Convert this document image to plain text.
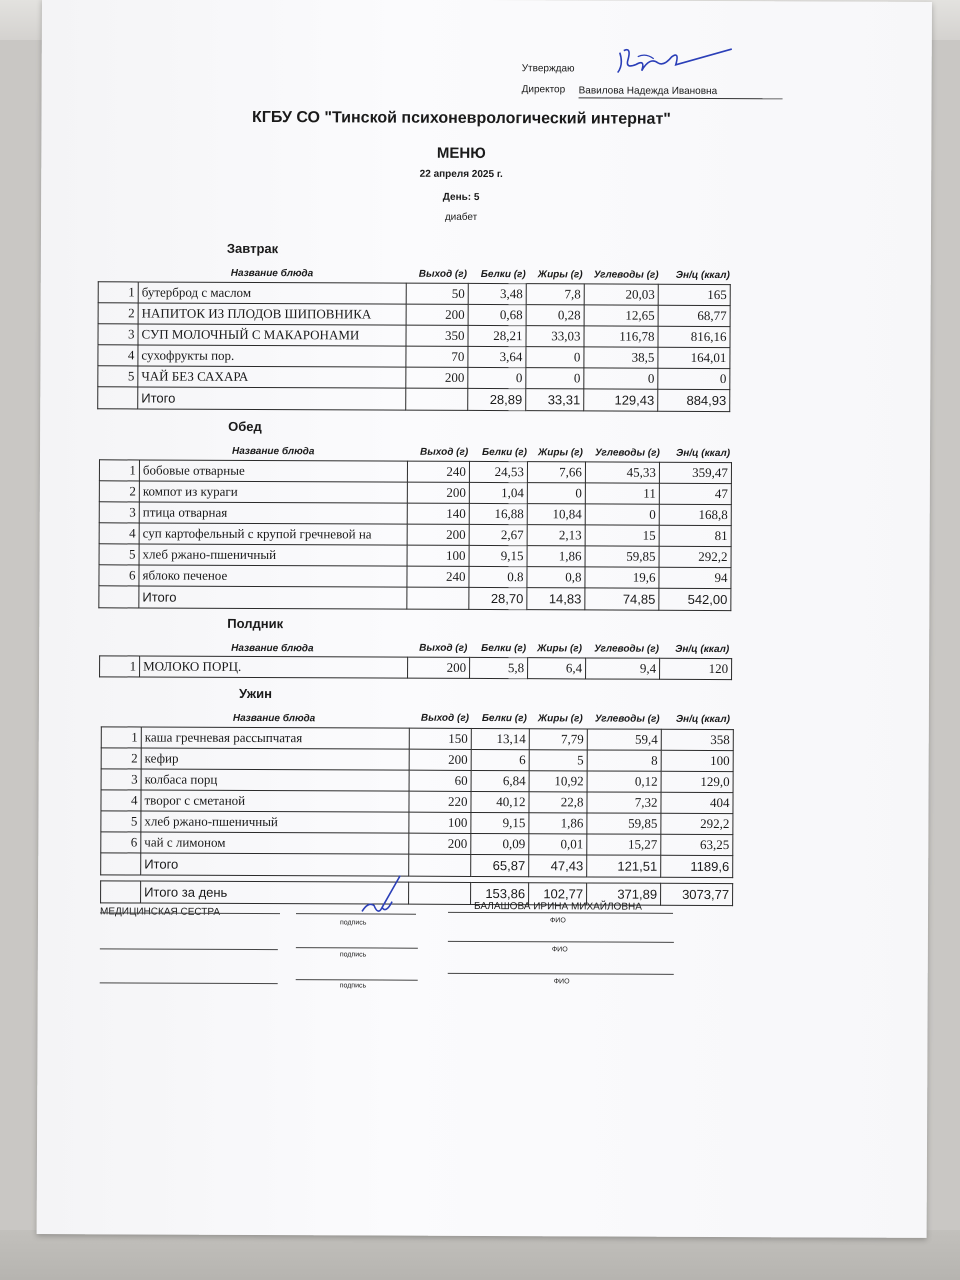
Утверждаю
Директор Вавилова Надежда Ивановна
КГБУ СО "Тинской психоневрологический интернат"
МЕНЮ
22 апреля 2025 г.
День: 5
диабет
Завтрак
Название блюда	Выход (г) Белки (г) Жиры (г) Углеводы (г) Эн/ц (ккал)
1	бутерброд с маслом	50	3,48	7,8	20,03	165
2	НАПИТОК ИЗ ПЛОДОВ ШИПОВНИКА	200	0,68	0,28	12,65	68,77
3	СУП МОЛОЧНЫЙ С МАКАРОНАМИ	350	28,21	33,03	116,78	816,16
4	сухофрукты пор.	70	3,64	0	38,5	164,01
5	ЧАЙ БЕЗ САХАРА	200	0	0	0	0
	Итого		28,89	33,31	129,43	884,93
Обед
Название блюда	Выход (г) Белки (г) Жиры (г) Углеводы (г) Эн/ц (ккал)
1	бобовые отварные	240	24,53	7,66	45,33	359,47
2	компот из кураги	200	1,04	0	11	47
3	птица отварная	140	16,88	10,84	0	168,8
4	суп картофельный с крупой гречневой на	200	2,67	2,13	15	81
5	хлеб ржано-пшеничный	100	9,15	1,86	59,85	292,2
6	яблоко печеное	240	0.8	0,8	19,6	94
	Итого		28,70	14,83	74,85	542,00
Полдник
Название блюда	Выход (г) Белки (г) Жиры (г) Углеводы (г) Эн/ц (ккал)
1	МОЛОКО ПОРЦ.	200	5,8	6,4	9,4	120
Ужин
Название блюда	Выход (г) Белки (г) Жиры (г) Углеводы (г) Эн/ц (ккал)
1	каша гречневая рассыпчатая	150	13,14	7,79	59,4	358
2	кефир	200	6	5	8	100
3	колбаса порц	60	6,84	10,92	0,12	129,0
4	творог с сметаной	220	40,12	22,8	7,32	404
5	хлеб ржано-пшеничный	100	9,15	1,86	59,85	292,2
6	чай с лимоном	200	0,09	0,01	15,27	63,25
	Итого		65,87	47,43	121,51	1189,6
	Итого за день		153,86	102,77	371,89	3073,77
МЕДИЦИНСКАЯ СЕСТРА	БАЛАШОВА ИРИНА МИХАЙЛОВНА
подпись	ФИО
подпись
ФИО
подпись
ФИО
